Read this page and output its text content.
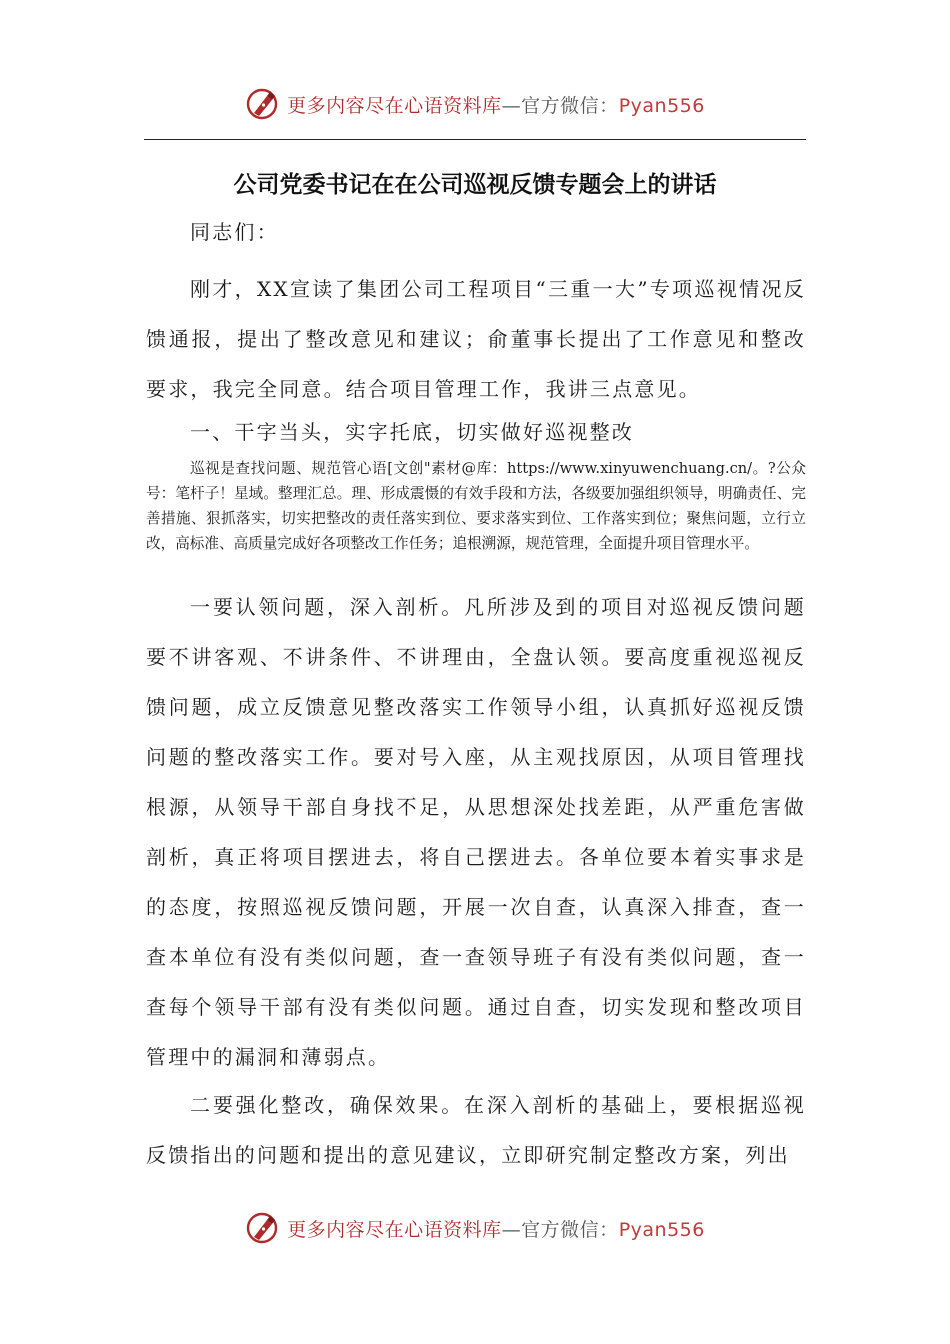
更多内容尽在心语资料库—官方微信：Pyan556
公司党委书记在在公司巡视反馈专题会上的讲话
同志们：
刚才，XX宣读了集团公司工程项目“三重一大”专项巡视情况反馈通报，提出了整改意见和建议；俞董事长提出了工作意见和整改要求，我完全同意。结合项目管理工作，我讲三点意见。
一、干字当头，实字托底，切实做好巡视整改
巡视是查找问题、规范管心语[文创"素材@库：https://www.xinyuwenchuang.cn/。?公众号：笔杆子！星域。整理汇总。理、形成震慑的有效手段和方法，各级要加强组织领导，明确责任、完善措施、狠抓落实，切实把整改的责任落实到位、要求落实到位、工作落实到位；聚焦问题，立行立改，高标准、高质量完成好各项整改工作任务；追根溯源，规范管理，全面提升项目管理水平。
一要认领问题，深入剖析。凡所涉及到的项目对巡视反馈问题要不讲客观、不讲条件、不讲理由，全盘认领。要高度重视巡视反馈问题，成立反馈意见整改落实工作领导小组，认真抓好巡视反馈问题的整改落实工作。要对号入座，从主观找原因，从项目管理找根源，从领导干部自身找不足，从思想深处找差距，从严重危害做剖析，真正将项目摆进去，将自己摆进去。各单位要本着实事求是的态度，按照巡视反馈问题，开展一次自查，认真深入排查，查一查本单位有没有类似问题，查一查领导班子有没有类似问题，查一查每个领导干部有没有类似问题。通过自查，切实发现和整改项目管理中的漏洞和薄弱点。
二要强化整改，确保效果。在深入剖析的基础上，要根据巡视反馈指出的问题和提出的意见建议，立即研究制定整改方案，列出
更多内容尽在心语资料库—官方微信：Pyan556
